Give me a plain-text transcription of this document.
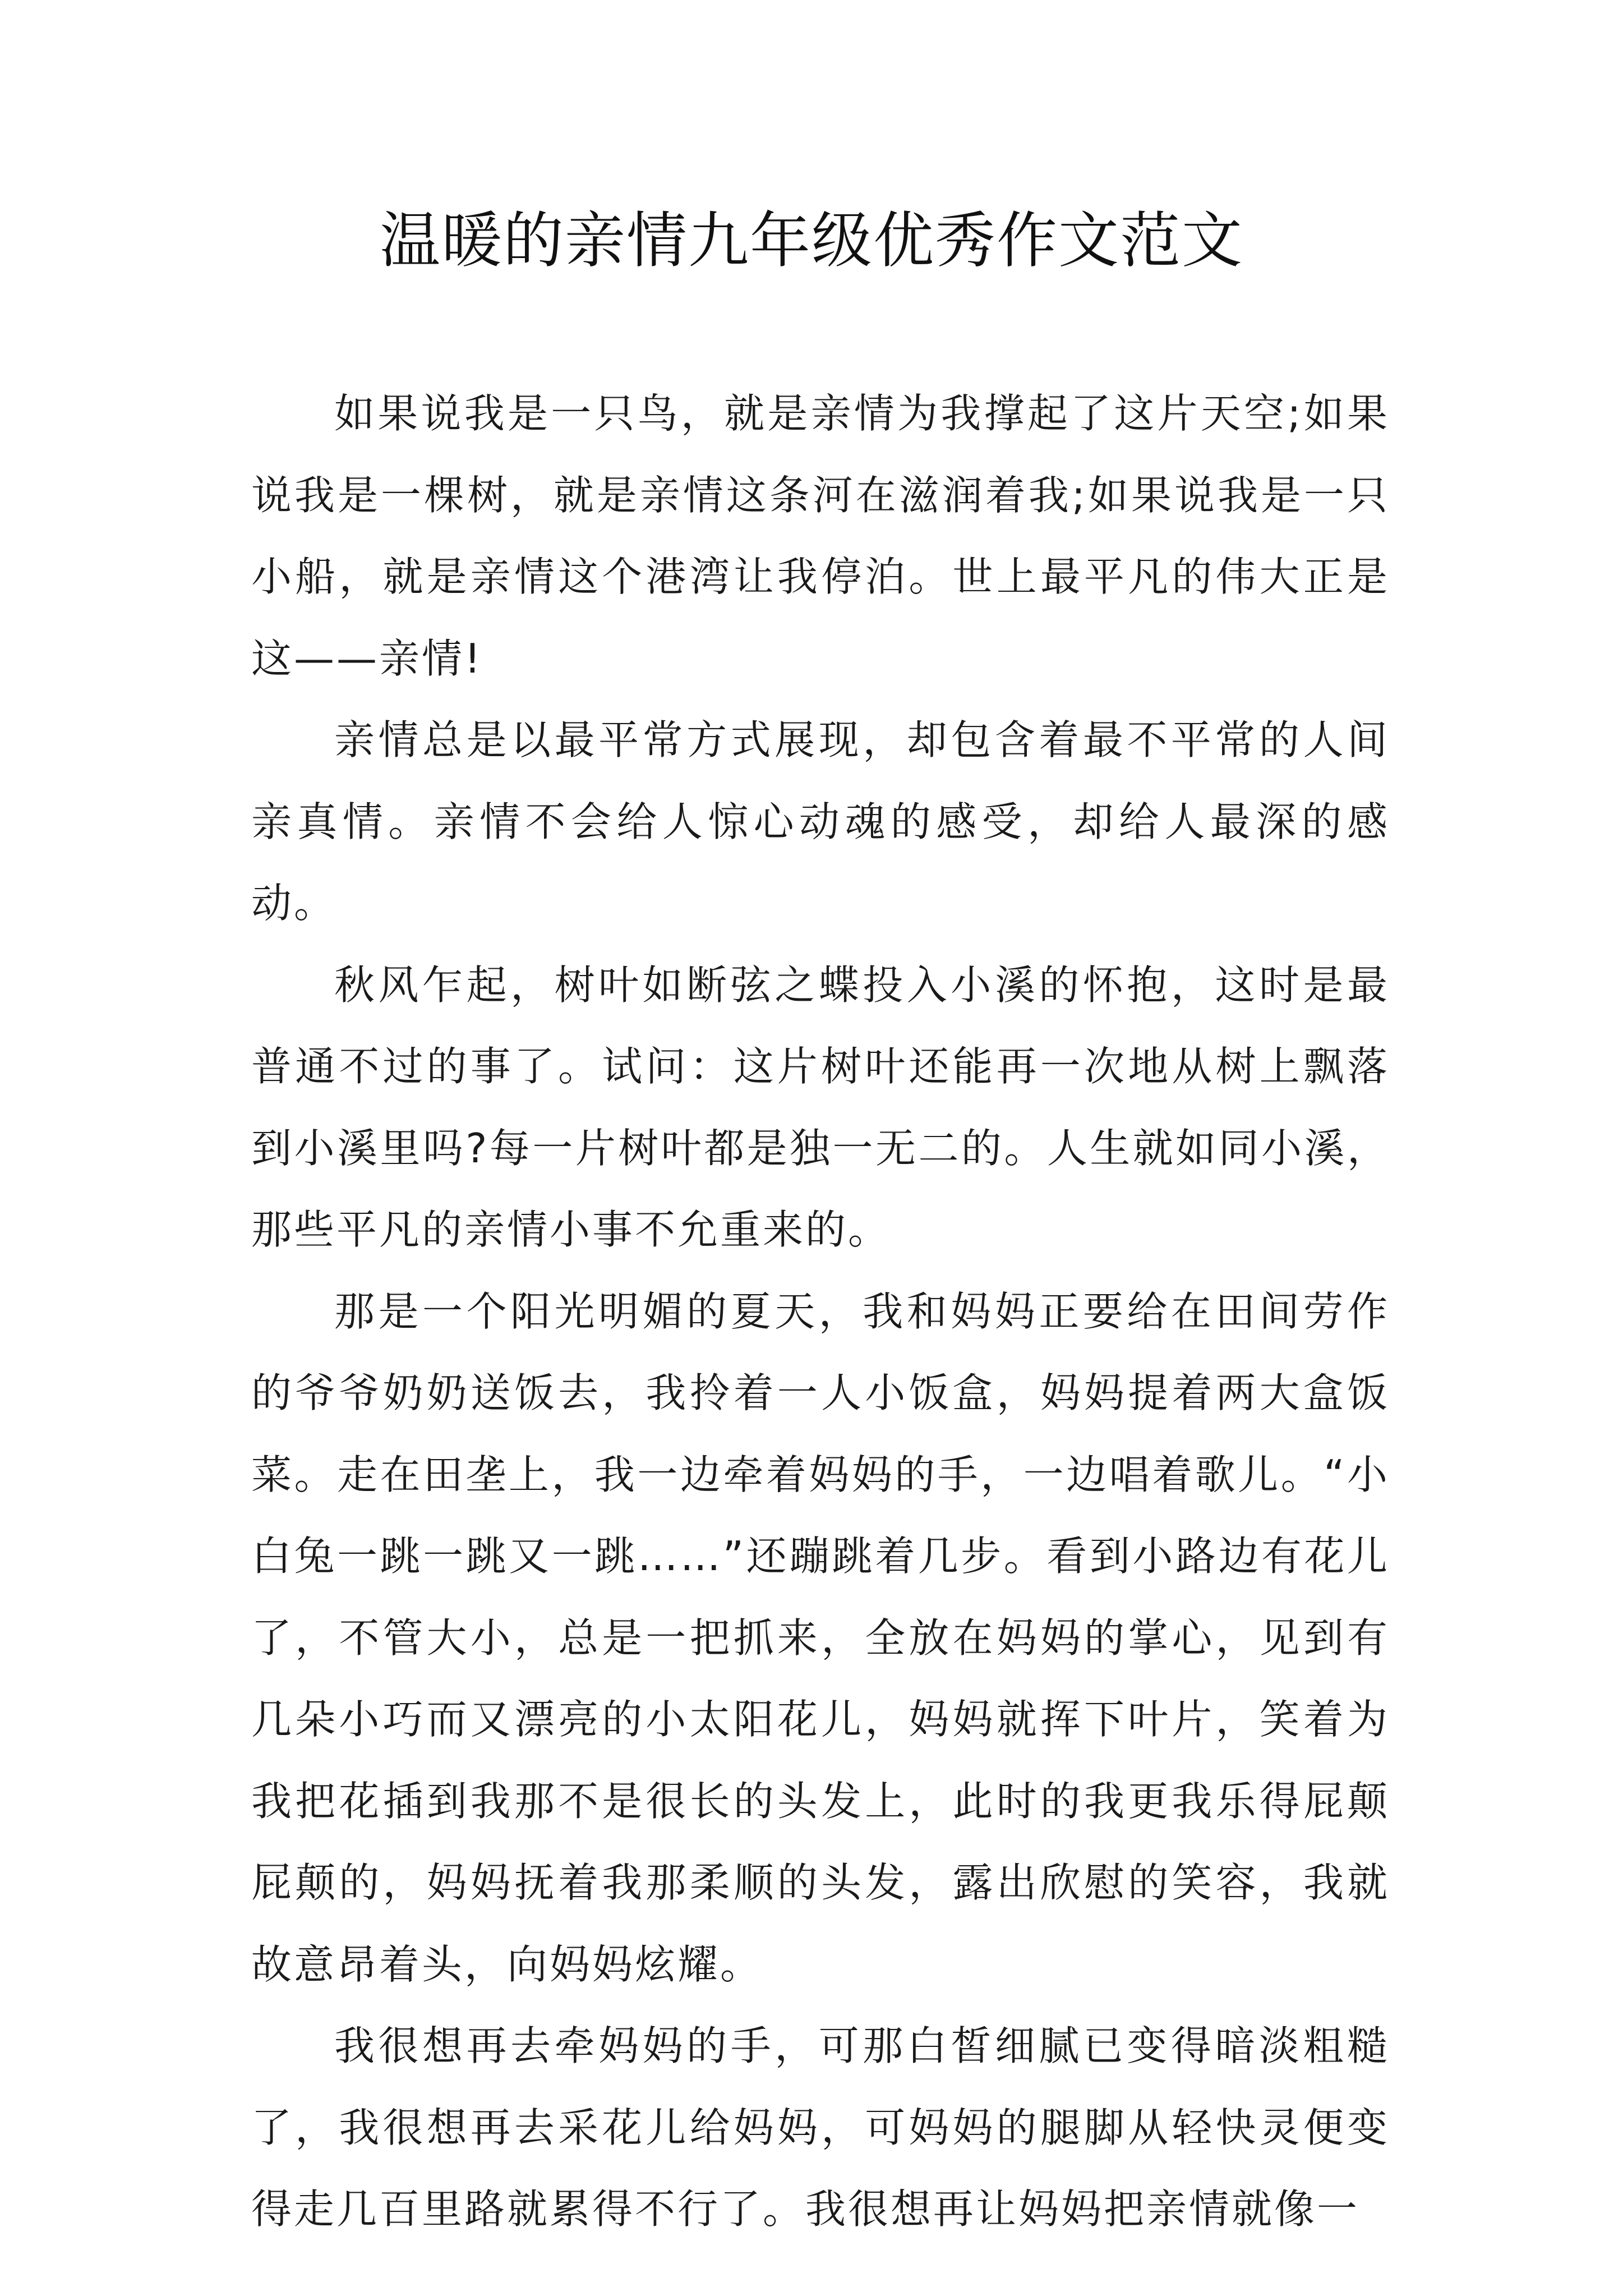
温暖的亲情九年级优秀作文范文

如果说我是一只鸟，就是亲情为我撑起了这片天空;如果说我是一棵树，就是亲情这条河在滋润着我;如果说我是一只小船，就是亲情这个港湾让我停泊。世上最平凡的伟大正是这——亲情!

亲情总是以最平常方式展现，却包含着最不平常的人间亲真情。亲情不会给人惊心动魂的感受，却给人最深的感动。

秋风乍起，树叶如断弦之蝶投入小溪的怀抱，这时是最普通不过的事了。试问：这片树叶还能再一次地从树上飘落到小溪里吗?每一片树叶都是独一无二的。人生就如同小溪，那些平凡的亲情小事不允重来的。

那是一个阳光明媚的夏天，我和妈妈正要给在田间劳作的爷爷奶奶送饭去，我拎着一人小饭盒，妈妈提着两大盒饭菜。走在田垄上，我一边牵着妈妈的手，一边唱着歌儿。“小白兔一跳一跳又一跳……”还蹦跳着几步。看到小路边有花儿了，不管大小，总是一把抓来，全放在妈妈的掌心，见到有几朵小巧而又漂亮的小太阳花儿，妈妈就挥下叶片，笑着为我把花插到我那不是很长的头发上，此时的我更我乐得屁颠屁颠的，妈妈抚着我那柔顺的头发，露出欣慰的笑容，我就故意昂着头，向妈妈炫耀。

我很想再去牵妈妈的手，可那白皙细腻已变得暗淡粗糙了，我很想再去采花儿给妈妈，可妈妈的腿脚从轻快灵便变得走几百里路就累得不行了。我很想再让妈妈把亲情就像一
